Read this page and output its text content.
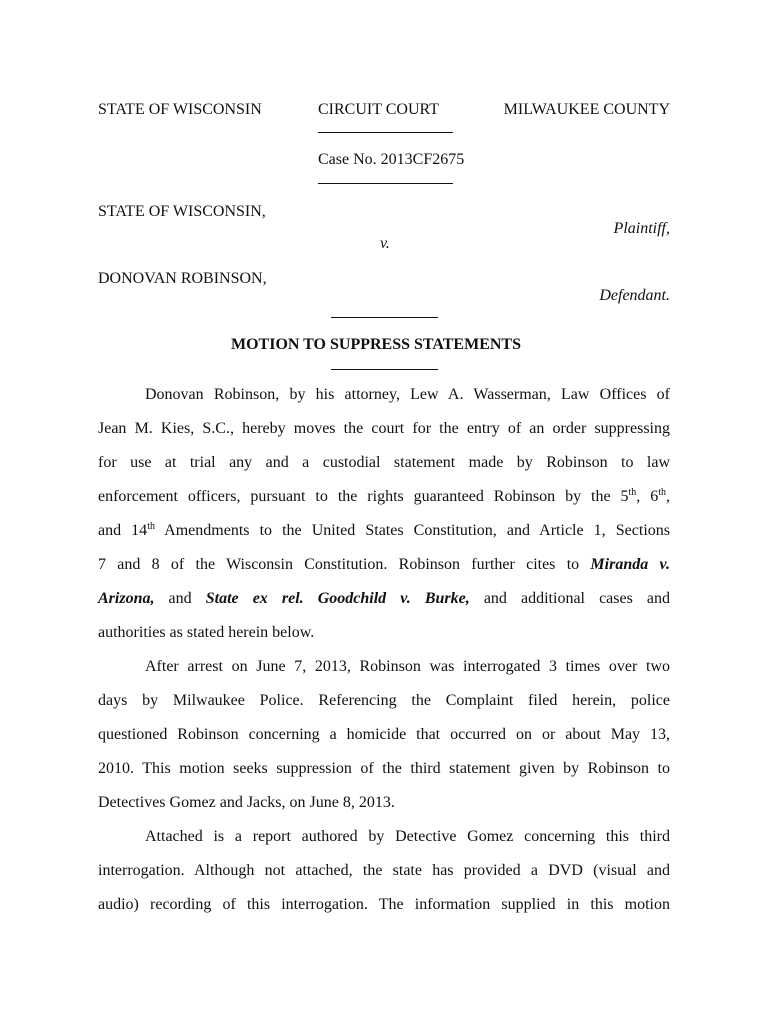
STATE OF WISCONSIN	CIRCUIT COURT	MILWAUKEE COUNTY
Case No. 2013CF2675
STATE OF WISCONSIN,
Plaintiff,
v.
DONOVAN ROBINSON,
Defendant.
MOTION TO SUPPRESS STATEMENTS
Donovan Robinson, by his attorney, Lew A. Wasserman, Law Offices of
Jean M. Kies, S.C., hereby moves the court for the entry of an order suppressing
for use at trial any and a custodial statement made by Robinson to law
enforcement officers, pursuant to the rights guaranteed Robinson by the 5th, 6th,
and 14th Amendments to the United States Constitution, and Article 1, Sections
7 and 8 of the Wisconsin Constitution. Robinson further cites to Miranda v.
Arizona, and State ex rel. Goodchild v. Burke, and additional cases and
authorities as stated herein below.
After arrest on June 7, 2013, Robinson was interrogated 3 times over two
days by Milwaukee Police. Referencing the Complaint filed herein, police
questioned Robinson concerning a homicide that occurred on or about May 13,
2010. This motion seeks suppression of the third statement given by Robinson to
Detectives Gomez and Jacks, on June 8, 2013.
Attached is a report authored by Detective Gomez concerning this third
interrogation. Although not attached, the state has provided a DVD (visual and
audio) recording of this interrogation. The information supplied in this motion
